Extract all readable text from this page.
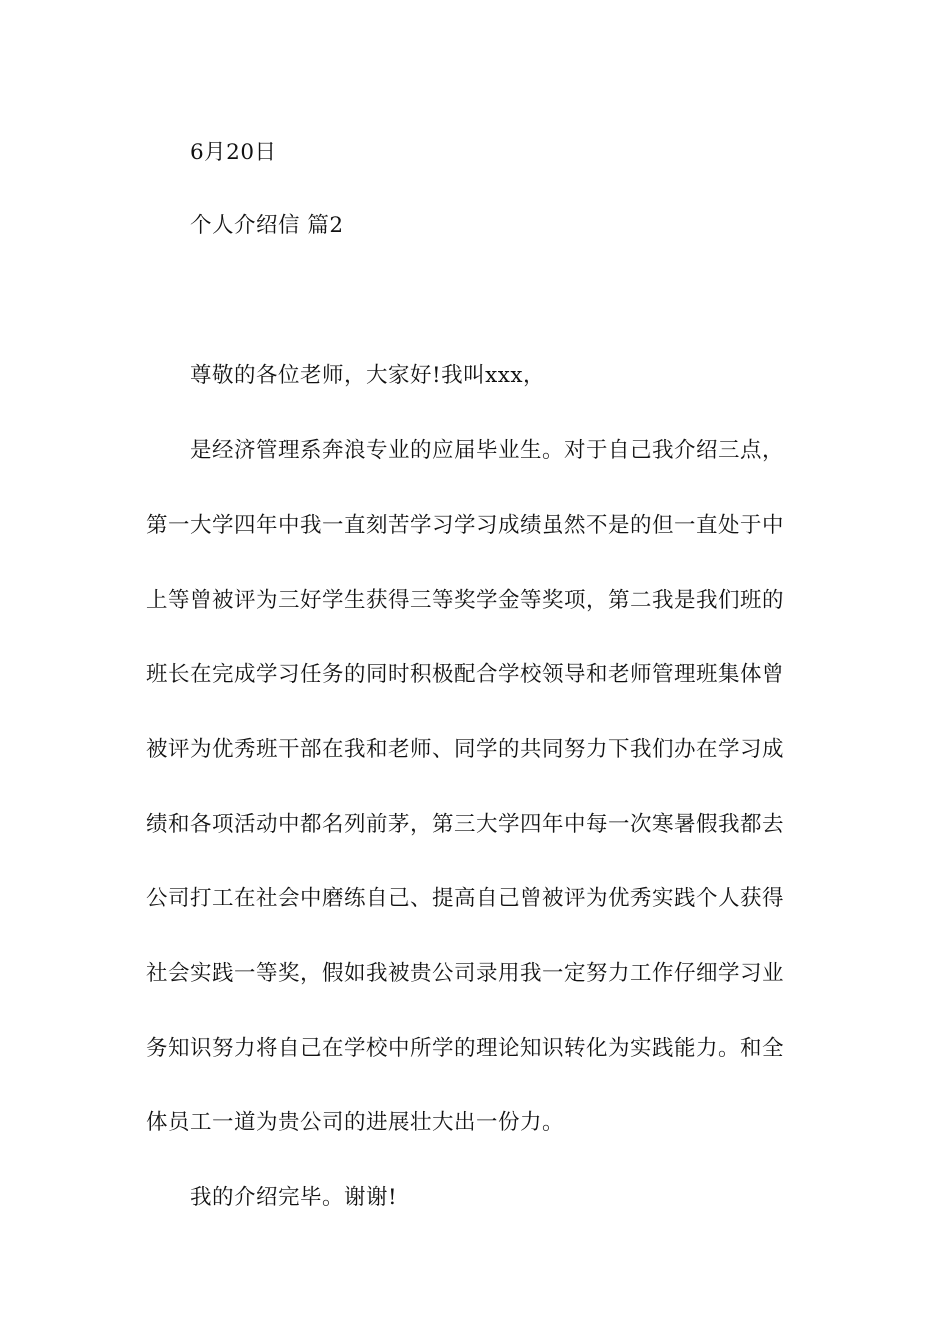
6月20日
个人介绍信 篇2
尊敬的各位老师，大家好!我叫xxx，
是经济管理系奔浪专业的应届毕业生。对于自己我介绍三点，
第一大学四年中我一直刻苦学习学习成绩虽然不是的但一直处于中
上等曾被评为三好学生获得三等奖学金等奖项，第二我是我们班的
班长在完成学习任务的同时积极配合学校领导和老师管理班集体曾
被评为优秀班干部在我和老师、同学的共同努力下我们办在学习成
绩和各项活动中都名列前茅，第三大学四年中每一次寒暑假我都去
公司打工在社会中磨练自己、提高自己曾被评为优秀实践个人获得
社会实践一等奖，假如我被贵公司录用我一定努力工作仔细学习业
务知识努力将自己在学校中所学的理论知识转化为实践能力。和全
体员工一道为贵公司的进展壮大出一份力。
我的介绍完毕。谢谢!
